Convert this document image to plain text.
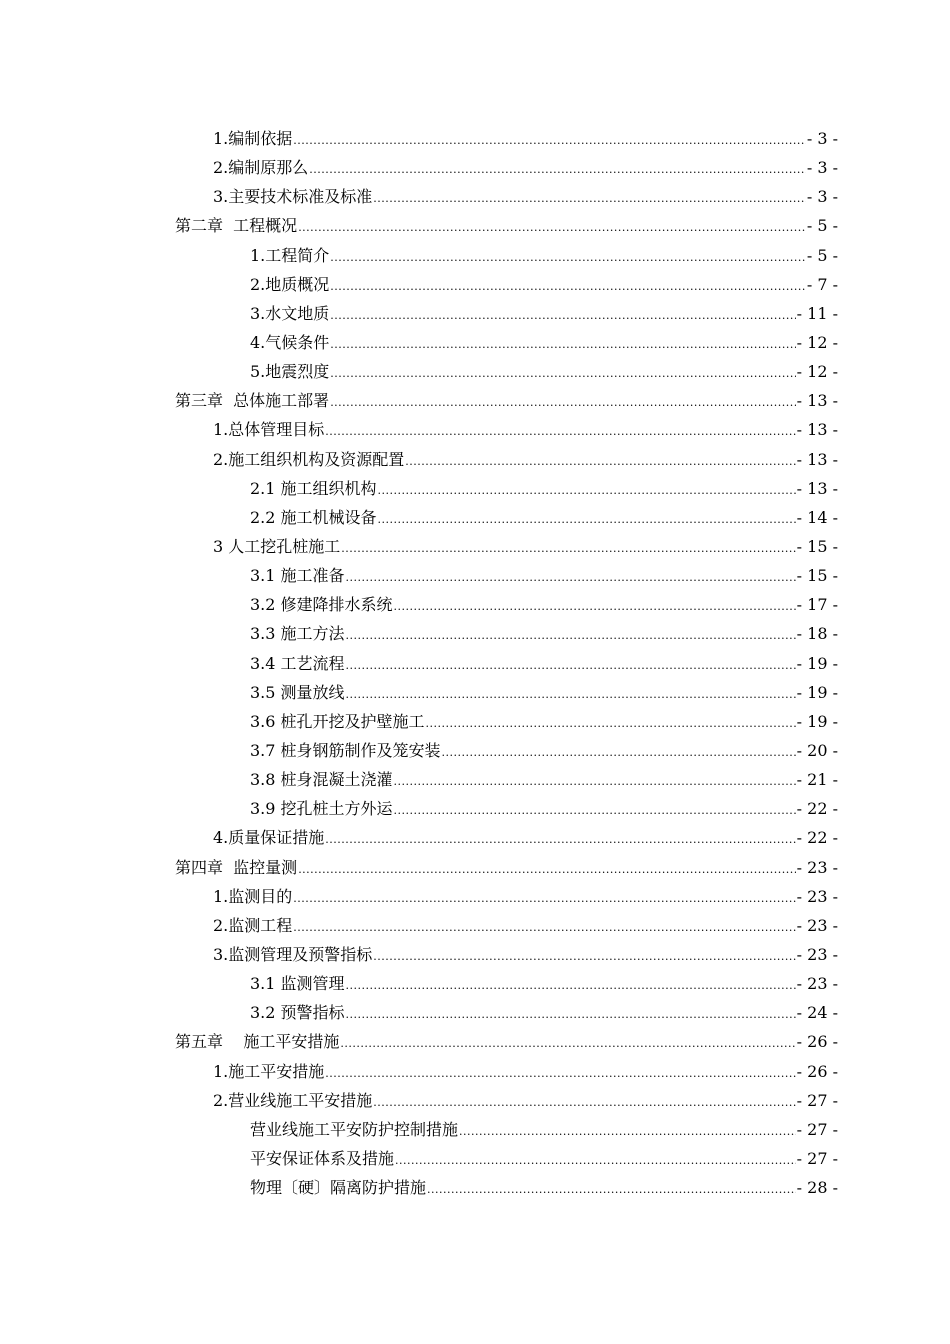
1.编制依据 .....	- 3 -
2.编制原那么 .....	- 3 -
3.主要技术标准及标准 .....	- 3 -
第二章  工程概况 .....	- 5 -
1.工程简介 .....	- 5 -
2.地质概况 .....	- 7 -
3.水文地质 .....	- 11 -
4.气候条件 .....	- 12 -
5.地震烈度 .....	- 12 -
第三章  总体施工部署 .....	- 13 -
1.总体管理目标 .....	- 13 -
2.施工组织机构及资源配置 .....	- 13 -
2.1 施工组织机构 .....	- 13 -
2.2 施工机械设备 .....	- 14 -
3 人工挖孔桩施工 .....	- 15 -
3.1 施工准备 .....	- 15 -
3.2 修建降排水系统 .....	- 17 -
3.3 施工方法 .....	- 18 -
3.4 工艺流程 .....	- 19 -
3.5 测量放线 .....	- 19 -
3.6 桩孔开挖及护壁施工 .....	- 19 -
3.7 桩身钢筋制作及笼安装 .....	- 20 -
3.8 桩身混凝土浇灌 .....	- 21 -
3.9 挖孔桩土方外运 .....	- 22 -
4.质量保证措施 .....	- 22 -
第四章  监控量测 .....	- 23 -
1.监测目的 .....	- 23 -
2.监测工程 .....	- 23 -
3.监测管理及预警指标 .....	- 23 -
3.1 监测管理 .....	- 23 -
3.2 预警指标 .....	- 24 -
第五章    施工平安措施 .....	- 26 -
1.施工平安措施 .....	- 26 -
2.营业线施工平安措施 .....	- 27 -
营业线施工平安防护控制措施 .....	- 27 -
平安保证体系及措施 .....	- 27 -
物理〔硬〕隔离防护措施 .....	- 28 -
